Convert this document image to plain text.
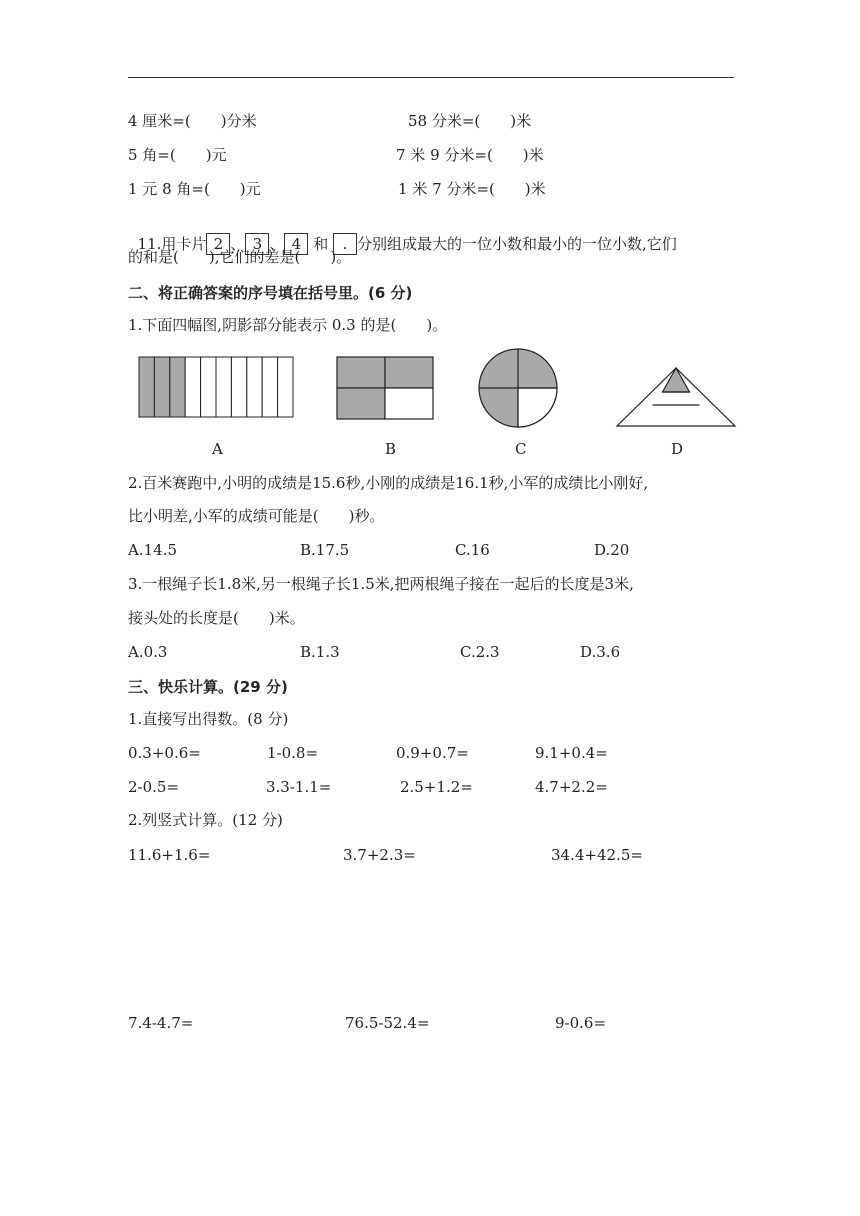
4 厘米=(　　)分米	58 分米=(　　)米
5 角=(　　)元	7 米 9 分米=(　　)米
1 元 8 角=(　　)元	1 米 7 分米=(　　)米

11.用卡片 2 、 3 、 4 和 . 分别组成最大的一位小数和最小的一位小数,它们

的和是(　　),它们的差是(　　)。
二、将正确答案的序号填在括号里。(6 分)
1.下面四幅图,阴影部分能表示 0.3 的是(　　)。
A	B	C	D
2.百米赛跑中,小明的成绩是15.6秒,小刚的成绩是16.1秒,小军的成绩比小刚好,
比小明差,小军的成绩可能是(　　)秒。
A.14.5	B.17.5	C.16	D.20
3.一根绳子长1.8米,另一根绳子长1.5米,把两根绳子接在一起后的长度是3米,
接头处的长度是(　　)米。
A.0.3	B.1.3	C.2.3	D.3.6
三、快乐计算。(29 分)
1.直接写出得数。(8 分)
0.3+0.6=	1-0.8=	0.9+0.7=	9.1+0.4=
2-0.5=	3.3-1.1=	2.5+1.2=	4.7+2.2=
2.列竖式计算。(12 分)
11.6+1.6=	3.7+2.3=	34.4+42.5=
7.4-4.7=	76.5-52.4=	9-0.6=
